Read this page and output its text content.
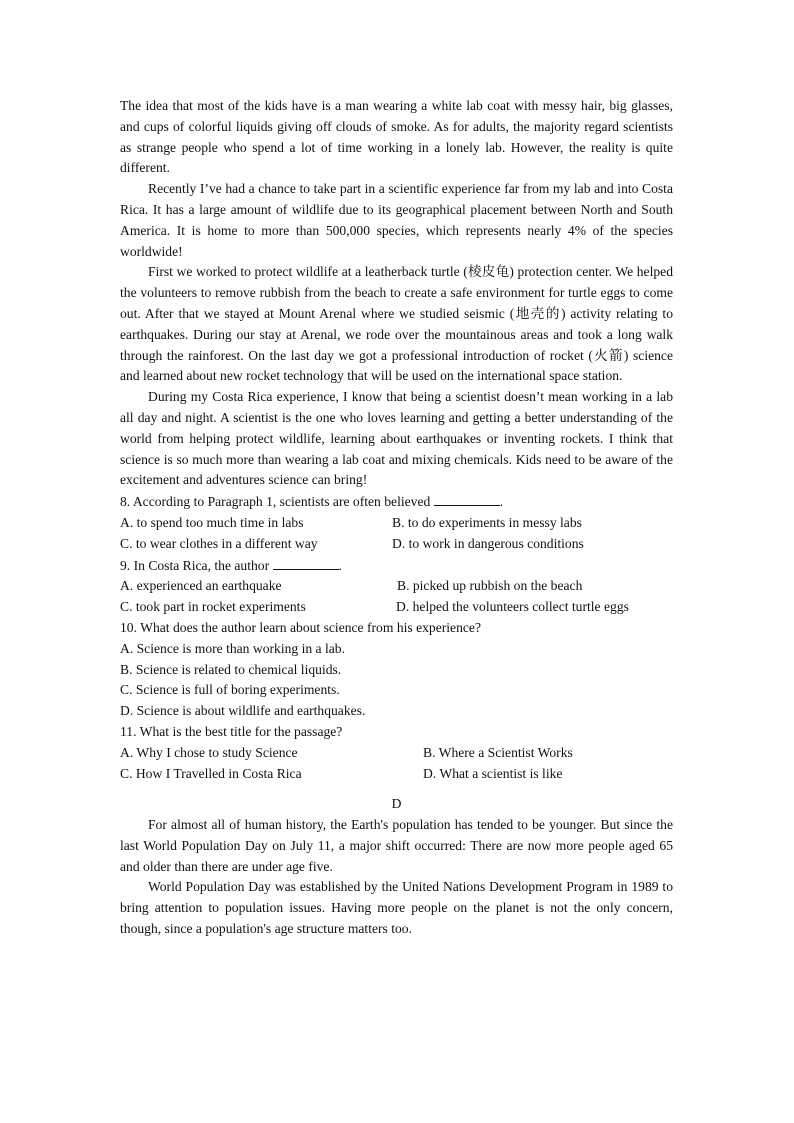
The idea that most of the kids have is a man wearing a white lab coat with messy hair, big glasses, and cups of colorful liquids giving off clouds of smoke. As for adults, the majority regard scientists as strange people who spend a lot of time working in a lonely lab. However, the reality is quite different.

Recently I’ve had a chance to take part in a scientific experience far from my lab and into Costa Rica. It has a large amount of wildlife due to its geographical placement between North and South America. It is home to more than 500,000 species, which represents nearly 4% of the species worldwide!

First we worked to protect wildlife at a leatherback turtle (棱皮龟) protection center. We helped the volunteers to remove rubbish from the beach to create a safe environment for turtle eggs to come out. After that we stayed at Mount Arenal where we studied seismic (地壳的) activity relating to earthquakes. During our stay at Arenal, we rode over the mountainous areas and took a long walk through the rainforest. On the last day we got a professional introduction of rocket (火箭) science and learned about new rocket technology that will be used on the international space station.

During my Costa Rica experience, I know that being a scientist doesn’t mean working in a lab all day and night. A scientist is the one who loves learning and getting a better understanding of the world from helping protect wildlife, learning about earthquakes or inventing rockets. I think that science is so much more than wearing a lab coat and mixing chemicals. Kids need to be aware of the excitement and adventures science can bring!

8. According to Paragraph 1, scientists are often believed	.

A. to spend too much time in labs	B. to do experiments in messy labs
C. to wear clothes in a different way	D. to work in dangerous conditions

9. In Costa Rica, the author	.

A. experienced an earthquake	B. picked up rubbish on the beach
C. took part in rocket experiments	D. helped the volunteers collect turtle eggs

10. What does the author learn about science from his experience?

A. Science is more than working in a lab.

B. Science is related to chemical liquids.

C. Science is full of boring experiments.

D. Science is about wildlife and earthquakes.

11. What is the best title for the passage?

A. Why I chose to study Science	B. Where a Scientist Works
C. How I Travelled in Costa Rica	D. What a scientist is like

D

For almost all of human history, the Earth's population has tended to be younger. But since the last World Population Day on July 11, a major shift occurred: There are now more people aged 65 and older than there are under age five.

World Population Day was established by the United Nations Development Program in 1989 to bring attention to population issues. Having more people on the planet is not the only concern, though, since a population's age structure matters too.
